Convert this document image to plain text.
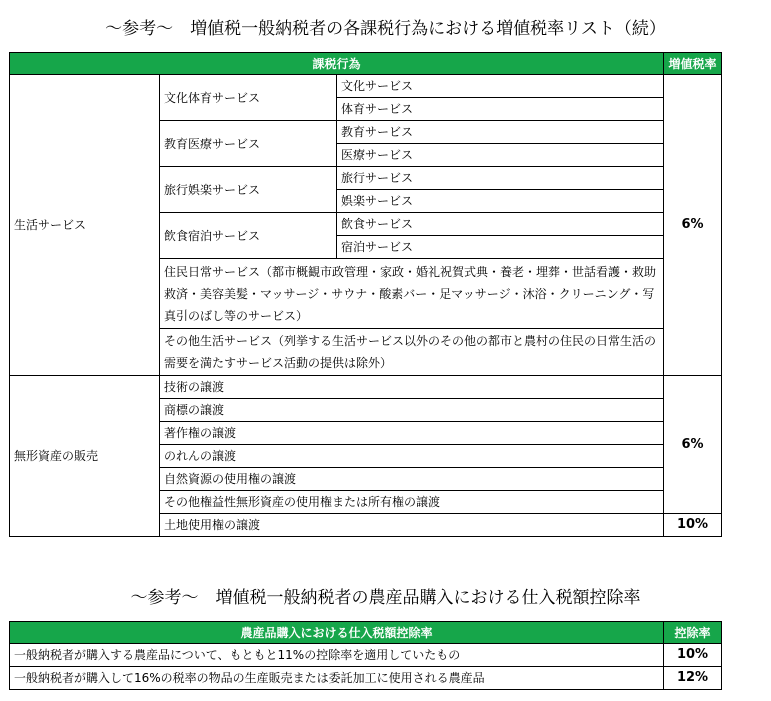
～参考～　増値税一般納税者の各課税行為における増値税率リスト（続）
課税行為			増値税率
生活サービス	文化体育サービス	文化サービス	6%
		体育サービス	
	教育医療サービス	教育サービス	
		医療サービス	
	旅行娯楽サービス	旅行サービス	
		娯楽サービス	
	飲食宿泊サービス	飲食サービス	
		宿泊サービス	
	住民日常サービス（都市概観市政管理・家政・婚礼祝賀式典・養老・埋葬・世話看護・救助救済・美容美髪・マッサージ・サウナ・酸素バー・足マッサージ・沐浴・クリーニング・写真引のばし等のサービス）		
	その他生活サービス（列挙する生活サービス以外のその他の都市と農村の住民の日常生活の需要を満たすサービス活動の提供は除外）		
無形資産の販売	技術の譲渡		6%
	商標の譲渡		
	著作権の譲渡		
	のれんの譲渡		
	自然資源の使用権の譲渡		
	その他権益性無形資産の使用権または所有権の譲渡		
	土地使用権の譲渡		10%
～参考～　増値税一般納税者の農産品購入における仕入税額控除率
農産品購入における仕入税額控除率	控除率
一般納税者が購入する農産品について、もともと11%の控除率を適用していたもの	10%
一般納税者が購入して16%の税率の物品の生産販売または委託加工に使用される農産品	12%
